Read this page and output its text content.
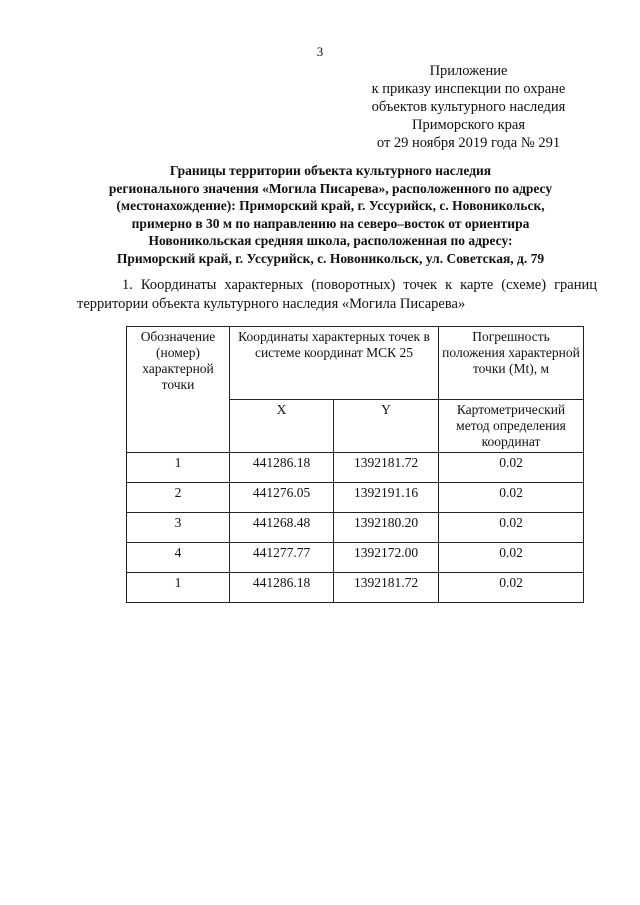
3
Приложение
к приказу инспекции по охране
объектов культурного наследия
Приморского края
от 29 ноября 2019 года № 291
Границы территории объекта культурного наследия
регионального значения «Могила Писарева», расположенного по адресу
(местонахождение): Приморский край, г. Уссурийск, с. Новоникольск,
примерно в 30 м по направлению на северо–восток от ориентира
Новоникольская средняя школа, расположенная по адресу:
Приморский край, г. Уссурийск, с. Новоникольск, ул. Советская, д. 79
1. Координаты характерных (поворотных) точек к карте (схеме) границ
территории объекта культурного наследия «Могила Писарева»
Обозначение (номер) характерной точки	Координаты характерных точек в системе координат МСК 25		Погрешность положения характерной точки (Mt), м
	X	Y	Картометрический метод определения координат
1	441286.18	1392181.72	0.02
2	441276.05	1392191.16	0.02
3	441268.48	1392180.20	0.02
4	441277.77	1392172.00	0.02
1	441286.18	1392181.72	0.02
